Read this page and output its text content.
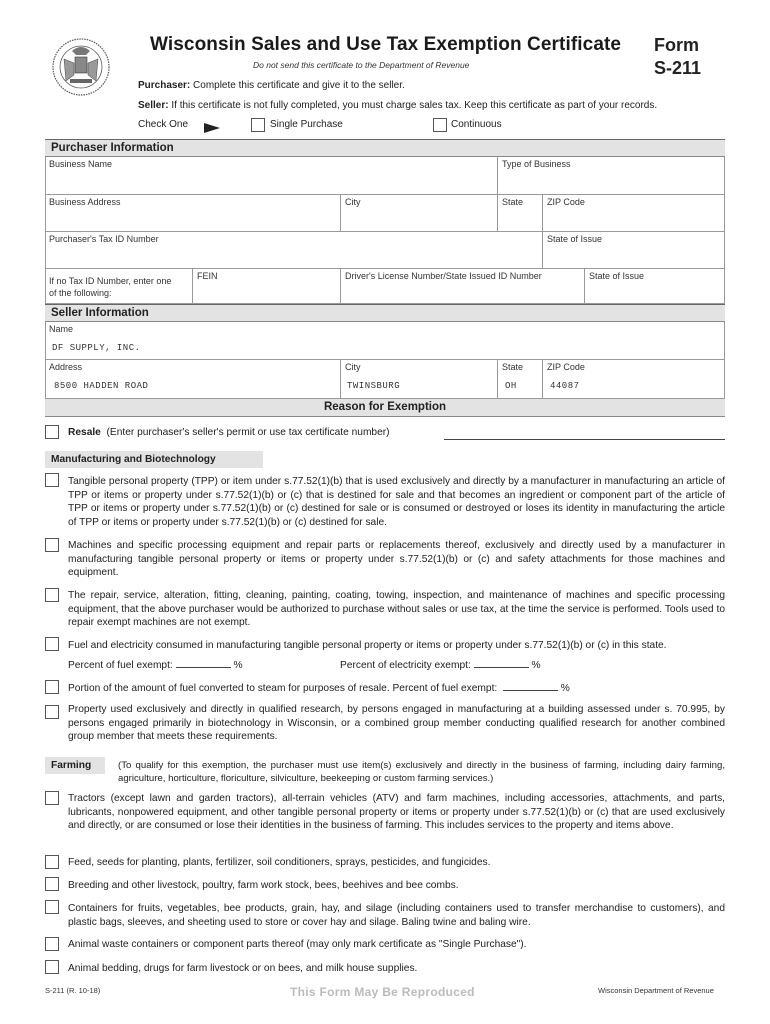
Wisconsin Sales and Use Tax Exemption Certificate
Do not send this certificate to the Department of Revenue
Form
S-211
Purchaser: Complete this certificate and give it to the seller.
Seller: If this certificate is not fully completed, you must charge sales tax. Keep this certificate as part of your records.
Check One	Single Purchase	Continuous
Purchaser Information
Business Name	Type of Business
Business Address	City	State	ZIP Code
Purchaser's Tax ID Number	State of Issue
If no Tax ID Number, enter one
of the following:
FEIN	Driver's License Number/State Issued ID Number	State of Issue
Seller Information
Name
DF SUPPLY, INC.
Address
8500 HADDEN ROAD
City
TWINSBURG
State
OH
ZIP Code
44087
Reason for Exemption
Resale (Enter purchaser's seller's permit or use tax certificate number)
Manufacturing and Biotechnology
Tangible personal property (TPP) or item under s.77.52(1)(b) that is used exclusively and directly by a manufacturer in manufacturing an article of TPP or items or property under s.77.52(1)(b) or (c) that is destined for sale and that becomes an ingredient or component part of the article of TPP or items or property under s.77.52(1)(b) or (c) destined for sale or is consumed or destroyed or loses its identity in manufacturing the article of TPP or items or property under s.77.52(1)(b) or (c) destined for sale.
Machines and specific processing equipment and repair parts or replacements thereof, exclusively and directly used by a manufacturer in manufacturing tangible personal property or items or property under s.77.52(1)(b) or (c) and safety attachments for those machines and equipment.
The repair, service, alteration, fitting, cleaning, painting, coating, towing, inspection, and maintenance of machines and specific processing equipment, that the above purchaser would be authorized to purchase without sales or use tax, at the time the service is performed. Tools used to repair exempt machines are not exempt.
Fuel and electricity consumed in manufacturing tangible personal property or items or property under s.77.52(1)(b) or (c) in this state.
Percent of fuel exempt:	%	Percent of electricity exempt:	%
Portion of the amount of fuel converted to steam for purposes of resale. Percent of fuel exempt:	%
Property used exclusively and directly in qualified research, by persons engaged in manufacturing at a building assessed under s. 70.995, by persons engaged primarily in biotechnology in Wisconsin, or a combined group member conducting qualified research for another combined group member that meets these requirements.
Farming	(To qualify for this exemption, the purchaser must use item(s) exclusively and directly in the business of farming, including dairy farming, agriculture, horticulture, floriculture, silviculture, beekeeping or custom farming services.)
Tractors (except lawn and garden tractors), all-terrain vehicles (ATV) and farm machines, including accessories, attachments, and parts, lubricants, nonpowered equipment, and other tangible personal property or items or property under s.77.52(1)(b) or (c) that are used exclusively and directly, or are consumed or lose their identities in the business of farming. This includes services to the property and items above.
Feed, seeds for planting, plants, fertilizer, soil conditioners, sprays, pesticides, and fungicides.
Breeding and other livestock, poultry, farm work stock, bees, beehives and bee combs.
Containers for fruits, vegetables, bee products, grain, hay, and silage (including containers used to transfer merchandise to customers), and plastic bags, sleeves, and sheeting used to store or cover hay and silage. Baling twine and baling wire.
Animal waste containers or component parts thereof (may only mark certificate as "Single Purchase").
Animal bedding, drugs for farm livestock or on bees, and milk house supplies.
S-211 (R. 10-18)	This Form May Be Reproduced	Wisconsin Department of Revenue
